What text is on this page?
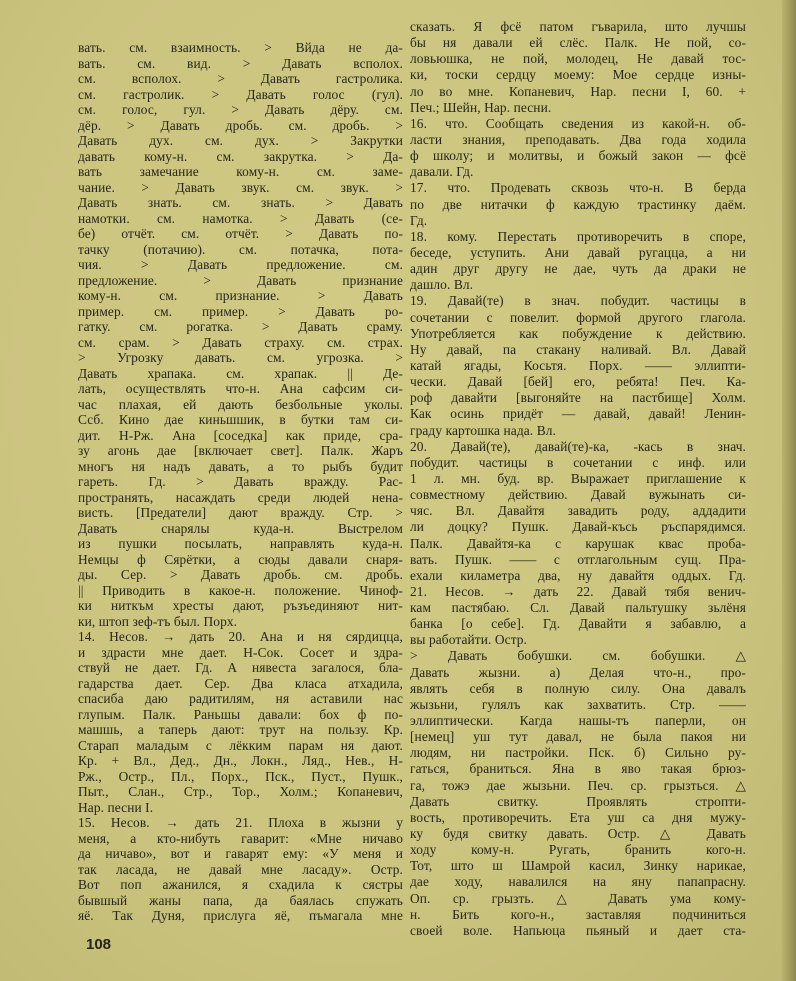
вать. см. взаимность. > Вйда не да-
вать. см. вид. > Давать всполох.
см. всполох. > Давать гастролика.
см. гастролик. > Давать голос (гул).
см. голос, гул. > Давать дёру. см.
дёр. > Давать дробь. см. дробь. >
Давать дух. см. дух. > Закрутки
давать кому-н. см. закрутка. > Да-
вать замечание кому-н. см. заме-
чание. > Давать звук. см. звук. >
Давать знать. см. знать. > Давать
намотки. см. намотка. > Давать (се-
бе) отчёт. см. отчёт. > Давать по-
тачку (потачию). см. потачка, пота-
чия. > Давать предложение. см.
предложение. > Давать признание
кому-н. см. признание. > Давать
пример. см. пример. > Давать ро-
гатку. см. рогатка. > Давать сраму.
см. срам. > Давать страху. см. страх.
> Угрозку давать. см. угрозка. >
Давать храпака. см. храпак. || Де-
лать, осуществлять что-н. Ана сафсим си-
час плахая, ей дають безбольные уколы.
Ссб. Кино дае киньшшик, в бутки там си-
дит. Н-Рж. Ана [соседка] как приде, сра-
зу агонь дае [включает свет]. Палк. Жаръ
многъ ня надъ давать, а то рыбъ будит
гареть. Гд. > Давать вражду. Рас-
пространять, насаждать среди людей нена-
висть. [Предатели] дают вражду. Стр. >
Давать снарялы куда-н. Выстрелом
из пушки посылать, направлять куда-н.
Немцы ф Сярётки, а сюды давали снаря-
ды. Сер. > Давать дробь. см. дробь.
|| Приводить в какое-н. положение. Чиноф-
ки ниткъм хресты дают, ръзъединяют нит-
ки, штоп зеф-тъ был. Порх.
14. Несов. → дать 20. Ана и ня сярдицца,
и здрасти мне дает. Н-Сок. Сосет и здра-
ствуй не дает. Гд. А нявеста загалося, бла-
гадарства дает. Сер. Два класа атхадила,
спасиба даю радитилям, ня аставили нас
глупым. Палк. Раньшы давали: бох ф по-
машшь, а таперь дают: трут на пользу. Кр.
Старап маладым с лёкким парам ня дают.
Кр. + Вл., Дед., Дн., Локн., Ляд., Нев., Н-
Рж., Остр., Пл., Порх., Пск., Пуст., Пушк.,
Пыт., Слан., Стр., Тор., Холм.; Копаневич,
Нар. песни I.
15. Несов. → дать 21. Плоха в жызни у
меня, а кто-нибуть гаварит: «Мне ничаво
да ничаво», вот и гаварят ему: «У меня и
так ласада, не давай мне ласаду». Остр.
Вот поп ажанился, я схадила к сястры
бывшый жаны папа, да баялась спужать
яё. Так Дуня, прислуга яё, пъмагала мне
сказать. Я фсё патом гъварила, што лучшы
бы ня давали ей слёс. Палк. Не пой, со-
ловьюшка, не пой, молодец, Не давай тос-
ки, тоски сердцу моему: Мое сердце изны-
ло во мне. Копаневич, Нар. песни I, 60. +
Печ.; Шейн, Нар. песни.
16. что. Сообщать сведения из какой-н. об-
ласти знания, преподавать. Два года ходила
ф школу; и молитвы, и божый закон — фсё
давали. Гд.
17. что. Продевать сквозь что-н. В берда
по две нитачки ф каждую трастинку даём.
Гд.
18. кому. Перестать противоречить в споре,
беседе, уступить. Ани давай ругацца, а ни
адин друг другу не дае, чуть да драки не
дашло. Вл.
19. Давай(те) в знач. побудит. частицы в
сочетании с повелит. формой другого глагола.
Употребляется как побуждение к действию.
Ну давай, па стакану наливай. Вл. Давай
катай ягады, Косьтя. Порх. —— эллипти-
чески. Давай [бей] его, ребята! Печ. Ка-
роф давайти [выгоняйте на пастбище] Холм.
Как осинь придёт — давай, давай! Ленин-
граду картошка нада. Вл.
20. Давай(те), давай(те)-ка, -кась в знач.
побудит. частицы в сочетании с инф. или
1 л. мн. буд. вр. Выражает приглашение к
совместному действию. Давай вужынать си-
чяс. Вл. Давайтя завадить роду, аддадити
ли доцку? Пушк. Давай-късь ръспарядимся.
Палк. Давайтя-ка с карушак квас проба-
вать. Пушк. —— с отглагольным сущ. Пра-
ехали киламетра два, ну давайтя оддых. Гд.
21. Несов. → дать 22. Давай тябя венич-
кам пастябаю. Сл. Давай пальтушку зьлёня
банка [о себе]. Гд. Давайти я забавлю, а
вы работайти. Остр.
> Давать бобушки. см. бобушки. △
Давать жызни. а) Делая что-н., про-
являть себя в полную силу. Она давалъ
жызьни, гулялъ как захватить. Стр. ——
эллиптически. Кагда нашы-тъ паперли, он
[немец] уш тут давал, не была пакоя ни
людям, ни пастройки. Пск. б) Сильно ру-
гаться, браниться. Яна в яво такая брюз-
га, тожэ дае жызьни. Печ. ср. грызться. △
Давать свитку. Проявлять стропти-
вость, противоречить. Ета уш са дня мужу-
ку будя свитку давать. Остр. △ Давать
ходу кому-н. Ругать, бранить кого-н.
Тот, што ш Шамрой касил, Зинку нарикае,
дае ходу, навалился на яну папапрасну.
Оп. ср. грызть. △ Давать ума кому-
н. Бить кого-н., заставляя подчиниться
своей воле. Напьюца пьяный и дает ста-
108
